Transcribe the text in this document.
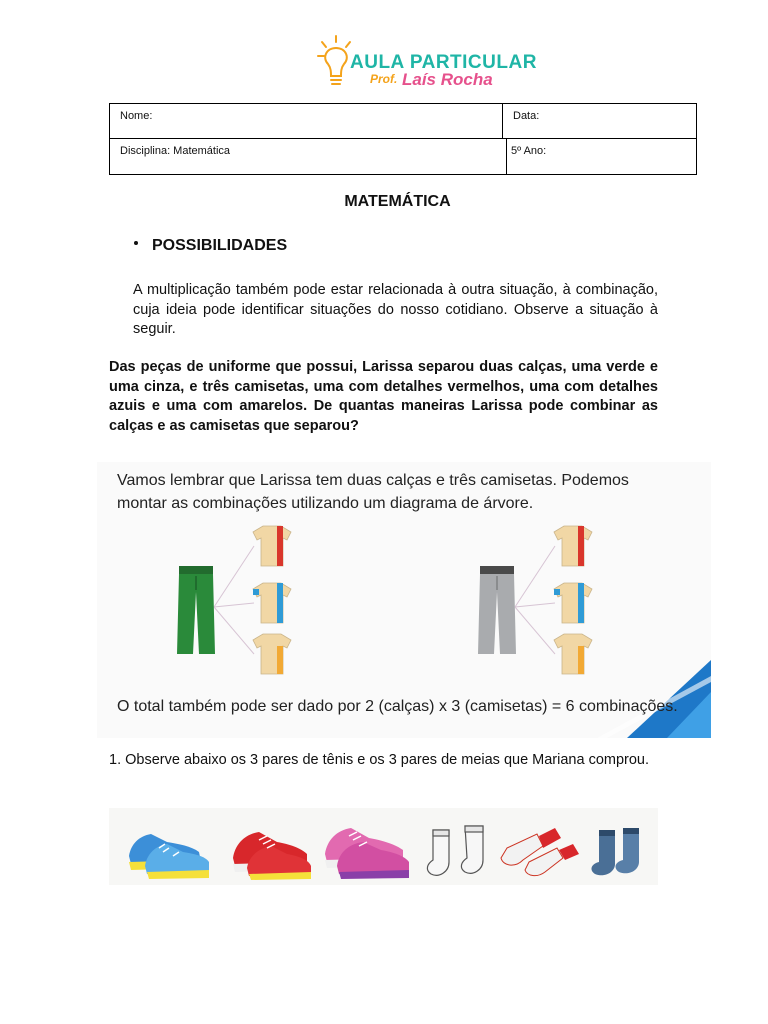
AULA PARTICULAR
Prof. Laís Rocha
Nome:	Data:
Disciplina: Matemática	5º Ano:
MATEMÁTICA
POSSIBILIDADES
A multiplicação também pode estar relacionada à outra situação, à combinação, cuja ideia pode identificar situações do nosso cotidiano. Observe a situação à seguir.
Das peças de uniforme que possui, Larissa separou duas calças, uma verde e uma cinza, e três camisetas, uma com detalhes vermelhos, uma com detalhes azuis e uma com amarelos. De quantas maneiras Larissa pode combinar as calças e as camisetas que separou?
Vamos lembrar que Larissa tem duas calças e três camisetas. Podemos
montar as combinações utilizando um diagrama de árvore.
O total também pode ser dado por 2 (calças) x 3 (camisetas) = 6 combinações.
1. Observe abaixo os 3 pares de tênis e os 3 pares de meias que Mariana comprou.
